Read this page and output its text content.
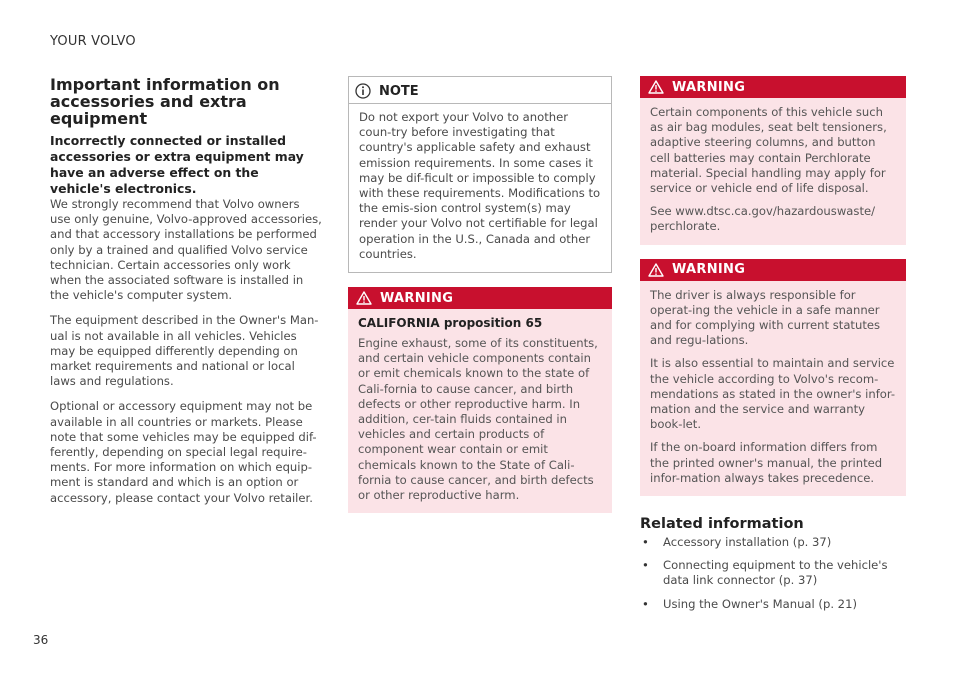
YOUR VOLVO
Important information on accessories and extra equipment

Incorrectly connected or installed accessories or extra equipment may have an adverse effect on the vehicle's electronics.

We strongly recommend that Volvo owners use only genuine, Volvo-approved accessories, and that accessory installations be performed only by a trained and qualified Volvo service technician. Certain accessories only work when the associated software is installed in the vehicle's computer system.

The equipment described in the Owner's Man-ual is not available in all vehicles. Vehicles may be equipped differently depending on market requirements and national or local laws and regulations.

Optional or accessory equipment may not be available in all countries or markets. Please note that some vehicles may be equipped dif-ferently, depending on special legal require-ments. For more information on which equip-ment is standard and which is an option or accessory, please contact your Volvo retailer.

NOTE

Do not export your Volvo to another coun-try before investigating that country's applicable safety and exhaust emission requirements. In some cases it may be dif-ficult or impossible to comply with these requirements. Modifications to the emis-sion control system(s) may render your Volvo not certifiable for legal operation in the U.S., Canada and other countries.

WARNING
CALIFORNIA proposition 65

Engine exhaust, some of its constituents, and certain vehicle components contain or emit chemicals known to the state of Cali-fornia to cause cancer, and birth defects or other reproductive harm. In addition, cer-tain fluids contained in vehicles and certain products of component wear contain or emit chemicals known to the State of Cali-fornia to cause cancer, and birth defects or other reproductive harm.

WARNING

Certain components of this vehicle such as air bag modules, seat belt tensioners, adaptive steering columns, and button cell batteries may contain Perchlorate material. Special handling may apply for service or vehicle end of life disposal.

See www.dtsc.ca.gov/hazardouswaste/ perchlorate.

WARNING

The driver is always responsible for operat-ing the vehicle in a safe manner and for complying with current statutes and regu-lations.

It is also essential to maintain and service the vehicle according to Volvo's recom-mendations as stated in the owner's infor-mation and the service and warranty book-let.

If the on-board information differs from the printed owner's manual, the printed infor-mation always takes precedence.

Related information
• Accessory installation (p. 37)
• Connecting equipment to the vehicle's data link connector (p. 37)
• Using the Owner's Manual (p. 21)
36
